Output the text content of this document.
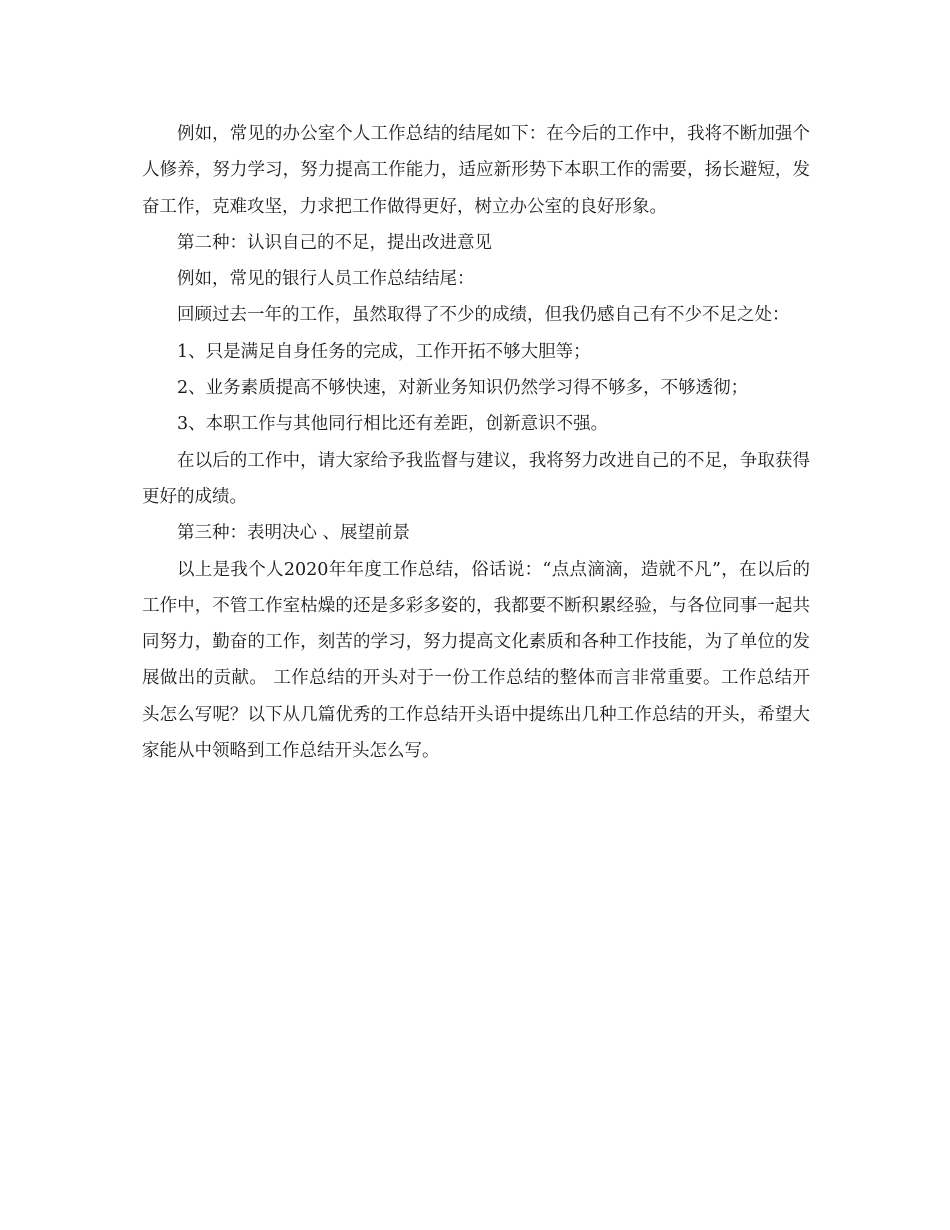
例如，常见的办公室个人工作总结的结尾如下：在今后的工作中，我将不断加强个人修养，努力学习，努力提高工作能力，适应新形势下本职工作的需要，扬长避短，发奋工作，克难攻坚，力求把工作做得更好，树立办公室的良好形象。

第二种：认识自己的不足，提出改进意见

例如，常见的银行人员工作总结结尾：

回顾过去一年的工作，虽然取得了不少的成绩，但我仍感自己有不少不足之处：

1、只是满足自身任务的完成，工作开拓不够大胆等；

2、业务素质提高不够快速，对新业务知识仍然学习得不够多，不够透彻；

3、本职工作与其他同行相比还有差距，创新意识不强。

在以后的工作中，请大家给予我监督与建议，我将努力改进自己的不足，争取获得更好的成绩。

第三种：表明决心 、展望前景

以上是我个人2020年年度工作总结，俗话说：“点点滴滴，造就不凡”，在以后的工作中，不管工作室枯燥的还是多彩多姿的，我都要不断积累经验，与各位同事一起共同努力，勤奋的工作，刻苦的学习，努力提高文化素质和各种工作技能，为了单位的发展做出的贡献。 工作总结的开头对于一份工作总结的整体而言非常重要。工作总结开头怎么写呢？以下从几篇优秀的工作总结开头语中提练出几种工作总结的开头，希望大家能从中领略到工作总结开头怎么写。
